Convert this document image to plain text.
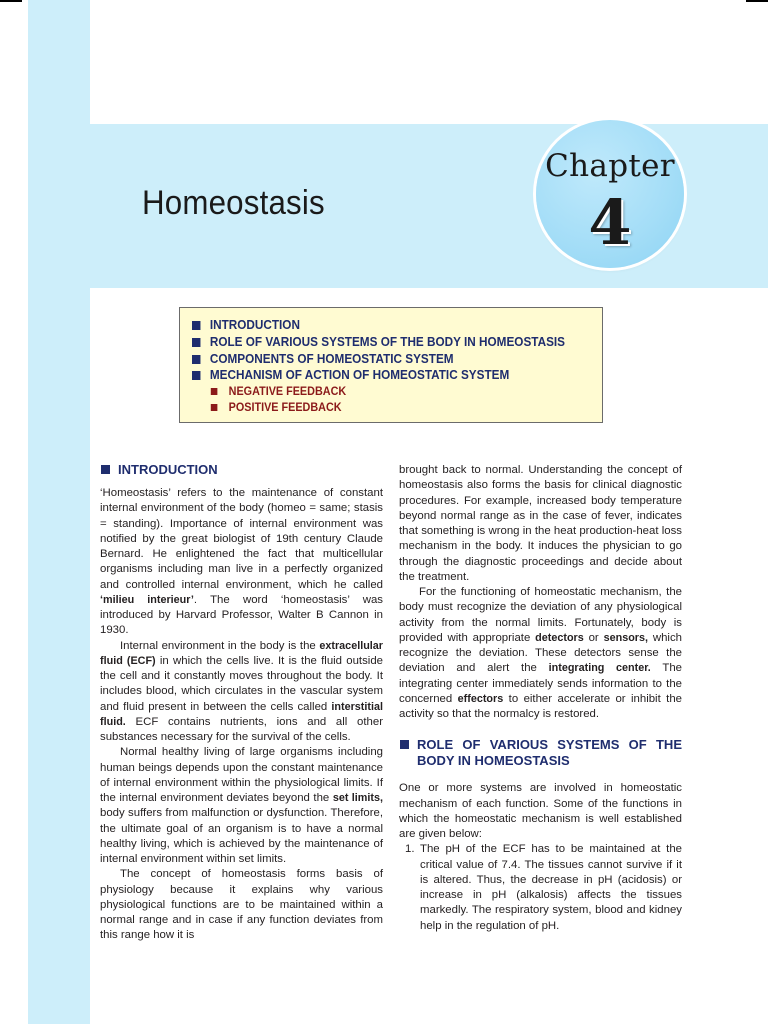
Chapter
4
Homeostasis
INTRODUCTION
ROLE OF VARIOUS SYSTEMS OF THE BODY IN HOMEOSTASIS
COMPONENTS OF HOMEOSTATIC SYSTEM
MECHANISM OF ACTION OF HOMEOSTATIC SYSTEM
NEGATIVE FEEDBACK
POSITIVE FEEDBACK
INTRODUCTION

‘Homeostasis’ refers to the maintenance of constant internal environment of the body (homeo = same; stasis = standing). Importance of internal environment was notified by the great biologist of 19th century Claude Bernard. He enlightened the fact that multicellular organisms including man live in a perfectly organized and controlled internal environment, which he called ‘milieu interieur’. The word ‘homeostasis’ was introduced by Harvard Professor, Walter B Cannon in 1930.

Internal environment in the body is the extracellular fluid (ECF) in which the cells live. It is the fluid outside the cell and it constantly moves throughout the body. It includes blood, which circulates in the vascular system and fluid present in between the cells called interstitial fluid. ECF contains nutrients, ions and all other substances necessary for the survival of the cells.

Normal healthy living of large organisms including human beings depends upon the constant maintenance of internal environment within the physiological limits. If the internal environment deviates beyond the set limits, body suffers from malfunction or dysfunction. Therefore, the ultimate goal of an organism is to have a normal healthy living, which is achieved by the maintenance of internal environment within set limits.

The concept of homeostasis forms basis of physiology because it explains why various physiological functions are to be maintained within a normal range and in case if any function deviates from this range how it is

brought back to normal. Understanding the concept of homeostasis also forms the basis for clinical diagnostic procedures. For example, increased body temperature beyond normal range as in the case of fever, indicates that something is wrong in the heat production-heat loss mechanism in the body. It induces the physician to go through the diagnostic proceedings and decide about the treatment.

For the functioning of homeostatic mechanism, the body must recognize the deviation of any physiological activity from the normal limits. Fortunately, body is provided with appropriate detectors or sensors, which recognize the deviation. These detectors sense the deviation and alert the integrating center. The integrating center immediately sends information to the concerned effectors to either accelerate or inhibit the activity so that the normalcy is restored.

ROLE OF VARIOUS SYSTEMS OF THE BODY IN HOMEOSTASIS

One or more systems are involved in homeostatic mechanism of each function. Some of the functions in which the homeostatic mechanism is well established are given below:

1. The pH of the ECF has to be maintained at the critical value of 7.4. The tissues cannot survive if it is altered. Thus, the decrease in pH (acidosis) or increase in pH (alkalosis) affects the tissues markedly. The respiratory system, blood and kidney help in the regulation of pH.
